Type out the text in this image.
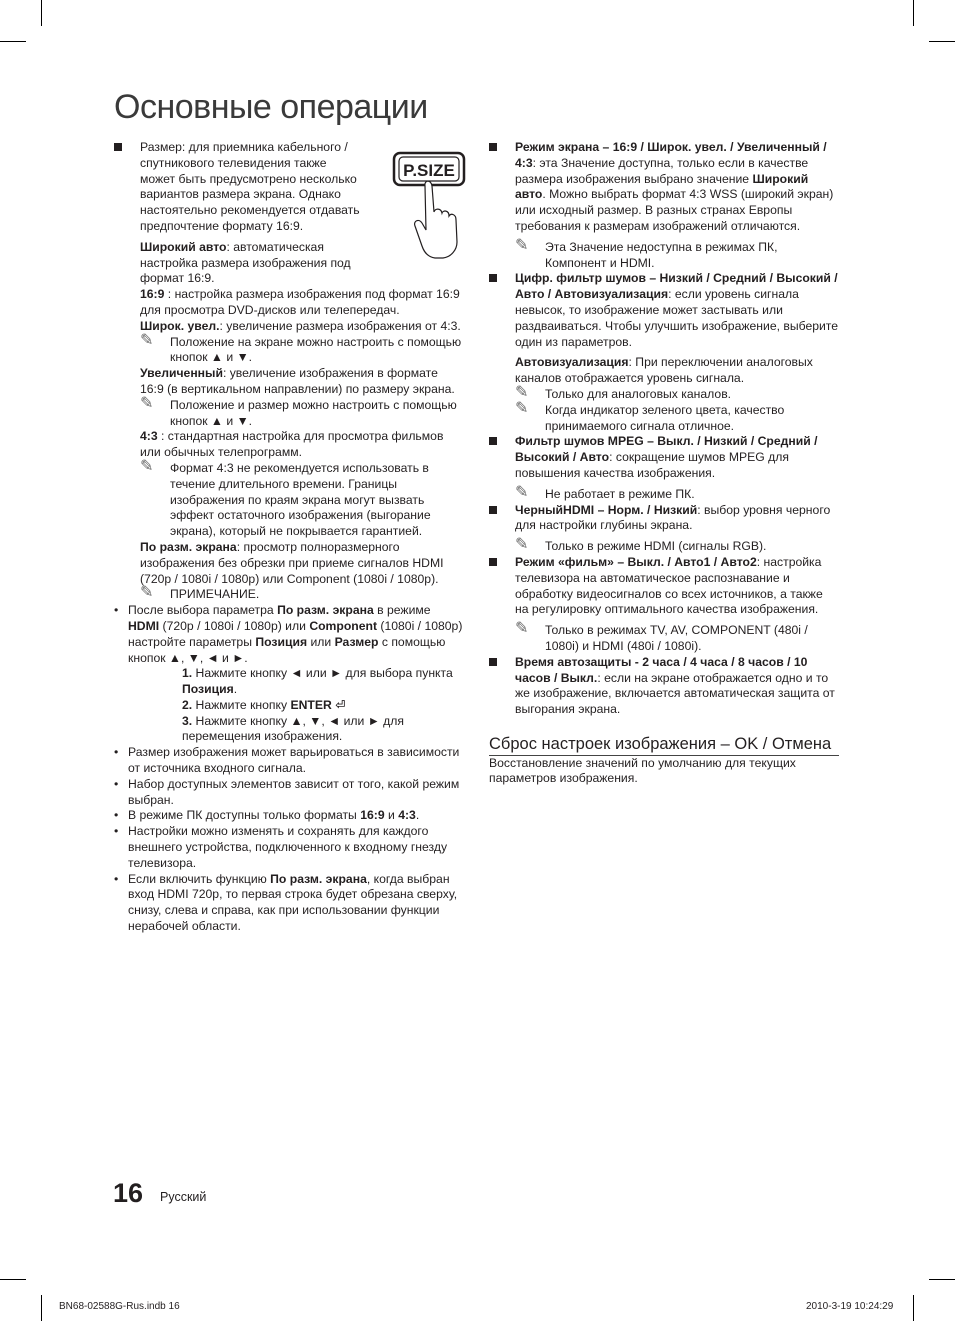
Основные операции
P.SIZE

Размер: для приемника кабельного / спутникового телевидения также может быть предусмотрено несколько вариантов размера экрана. Однако настоятельно рекомендуется отдавать предпочтение формату 16:9.

Широкий авто: автоматическая настройка размера изображения под формат 16:9.

16:9 : настройка размера изображения под формат 16:9 для просмотра DVD-дисков или телепередач.

Широк. увел.: увеличение размера изображения от 4:3.

✎ Положение на экране можно настроить с помощью кнопок ▲ и ▼.

Увеличенный: увеличение изображения в формате 16:9 (в вертикальном направлении) по размеру экрана.

✎ Положение и размер можно настроить с помощью кнопок ▲ и ▼.

4:3 : стандартная настройка для просмотра фильмов или обычных телепрограмм.

✎ Формат 4:3 не рекомендуется использовать в течение длительного времени. Границы изображения по краям экрана могут вызвать эффект остаточного изображения (выгорание экрана), который не покрывается гарантией.

По разм. экрана: просмотр полноразмерного изображения без обрезки при приеме сигналов HDMI (720p / 1080i / 1080p) или Component (1080i / 1080p).

✎ ПРИМЕЧАНИЕ.

• После выбора параметра По разм. экрана в режиме HDMI (720p / 1080i / 1080p) или Component (1080i / 1080p) настройте параметры Позиция или Размер с помощью кнопок ▲, ▼, ◄ и ►.

1. Нажмите кнопку ◄ или ► для выбора пункта Позиция.

2. Нажмите кнопку ENTER ⏎

3. Нажмите кнопку ▲, ▼, ◄ или ► для перемещения изображения.

• Размер изображения может варьироваться в зависимости от источника входного сигнала.

• Набор доступных элементов зависит от того, какой режим выбран.

• В режиме ПК доступны только форматы 16:9 и 4:3.

• Настройки можно изменять и сохранять для каждого внешнего устройства, подключенного к входному гнезду телевизора.

• Если включить функцию По разм. экрана, когда выбран вход HDMI 720p, то первая строка будет обрезана сверху, снизу, слева и справа, как при использовании функции нерабочей области.

Режим экрана – 16:9 / Широк. увел. / Увеличенный / 4:3: эта Значение доступна, только если в качестве размера изображения выбрано значение Широкий авто. Можно выбрать формат 4:3 WSS (широкий экран) или исходный размер. В разных странах Европы требования к размерам изображений отличаются.

✎ Эта Значение недоступна в режимах ПК, Компонент и HDMI.

Цифр. фильтр шумов – Низкий / Средний / Высокий / Авто / Автовизуализация: если уровень сигнала невысок, то изображение может застывать или раздваиваться. Чтобы улучшить изображение, выберите один из параметров.

Автовизуализация: При переключении аналоговых каналов отображается уровень сигнала.

✎ Только для аналоговых каналов.

✎ Когда индикатор зеленого цвета, качество принимаемого сигнала отличное.

Фильтр шумов MPEG – Выкл. / Низкий / Средний / Высокий / Авто: сокращение шумов MPEG для повышения качества изображения.

✎ Не работает в режиме ПК.

ЧерныйHDMI – Норм. / Низкий: выбор уровня черного для настройки глубины экрана.

✎ Только в режиме HDMI (сигналы RGB).

Режим «фильм» – Выкл. / Авто1 / Авто2: настройка телевизора на автоматическое распознавание и обработку видеосигналов со всех источников, а также на регулировку оптимального качества изображения.

✎ Только в режимах TV, AV, COMPONENT (480i / 1080i) и HDMI (480i / 1080i).

Время автозащиты - 2 часа / 4 часа / 8 часов / 10 часов / Выкл.: если на экране отображается одно и то же изображение, включается автоматическая защита от выгорания экрана.

Сброс настроек изображения – OK / Отмена

Восстановление значений по умолчанию для текущих параметров изображения.

16 Русский
BN68-02588G-Rus.indb 16	2010-3-19 10:24:29
